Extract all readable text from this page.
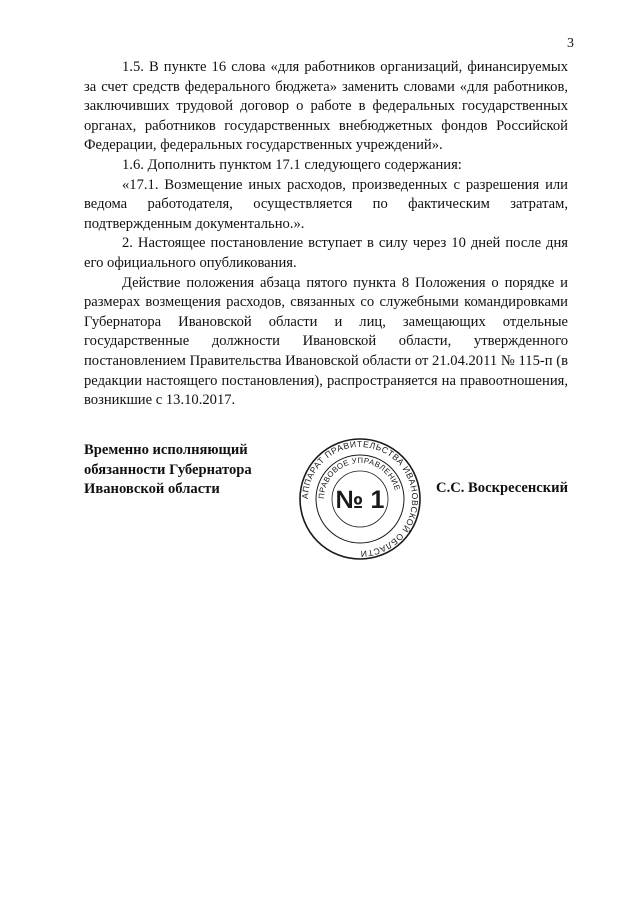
3

1.5. В пункте 16 слова «для работников организаций, финансируемых за счет средств федерального бюджета» заменить словами «для работников, заключивших трудовой договор о работе в федеральных государственных органах, работников государственных внебюджетных фондов Российской Федерации, федеральных государственных учреждений».

1.6. Дополнить пунктом 17.1 следующего содержания:

«17.1. Возмещение иных расходов, произведенных с разрешения или ведома работодателя, осуществляется по фактическим затратам, подтвержденным документально.».

2. Настоящее постановление вступает в силу через 10 дней после дня его официального опубликования.

Действие положения абзаца пятого пункта 8 Положения о порядке и размерах возмещения расходов, связанных со служебными командировками Губернатора Ивановской области и лиц, замещающих отдельные государственные должности Ивановской области, утвержденного постановлением Правительства Ивановской области от 21.04.2011 № 115-п (в редакции настоящего постановления), распространяется на правоотношения, возникшие с 13.10.2017.

Временно исполняющий
обязанности Губернатора
Ивановской области	АППАРАТ ПРАВИТЕЛЬСТВА ИВАНОВСКОЙ ОБЛАСТИ
ПРАВОВОЕ УПРАВЛЕНИЕ
№ 1	С.С. Воскресенский
